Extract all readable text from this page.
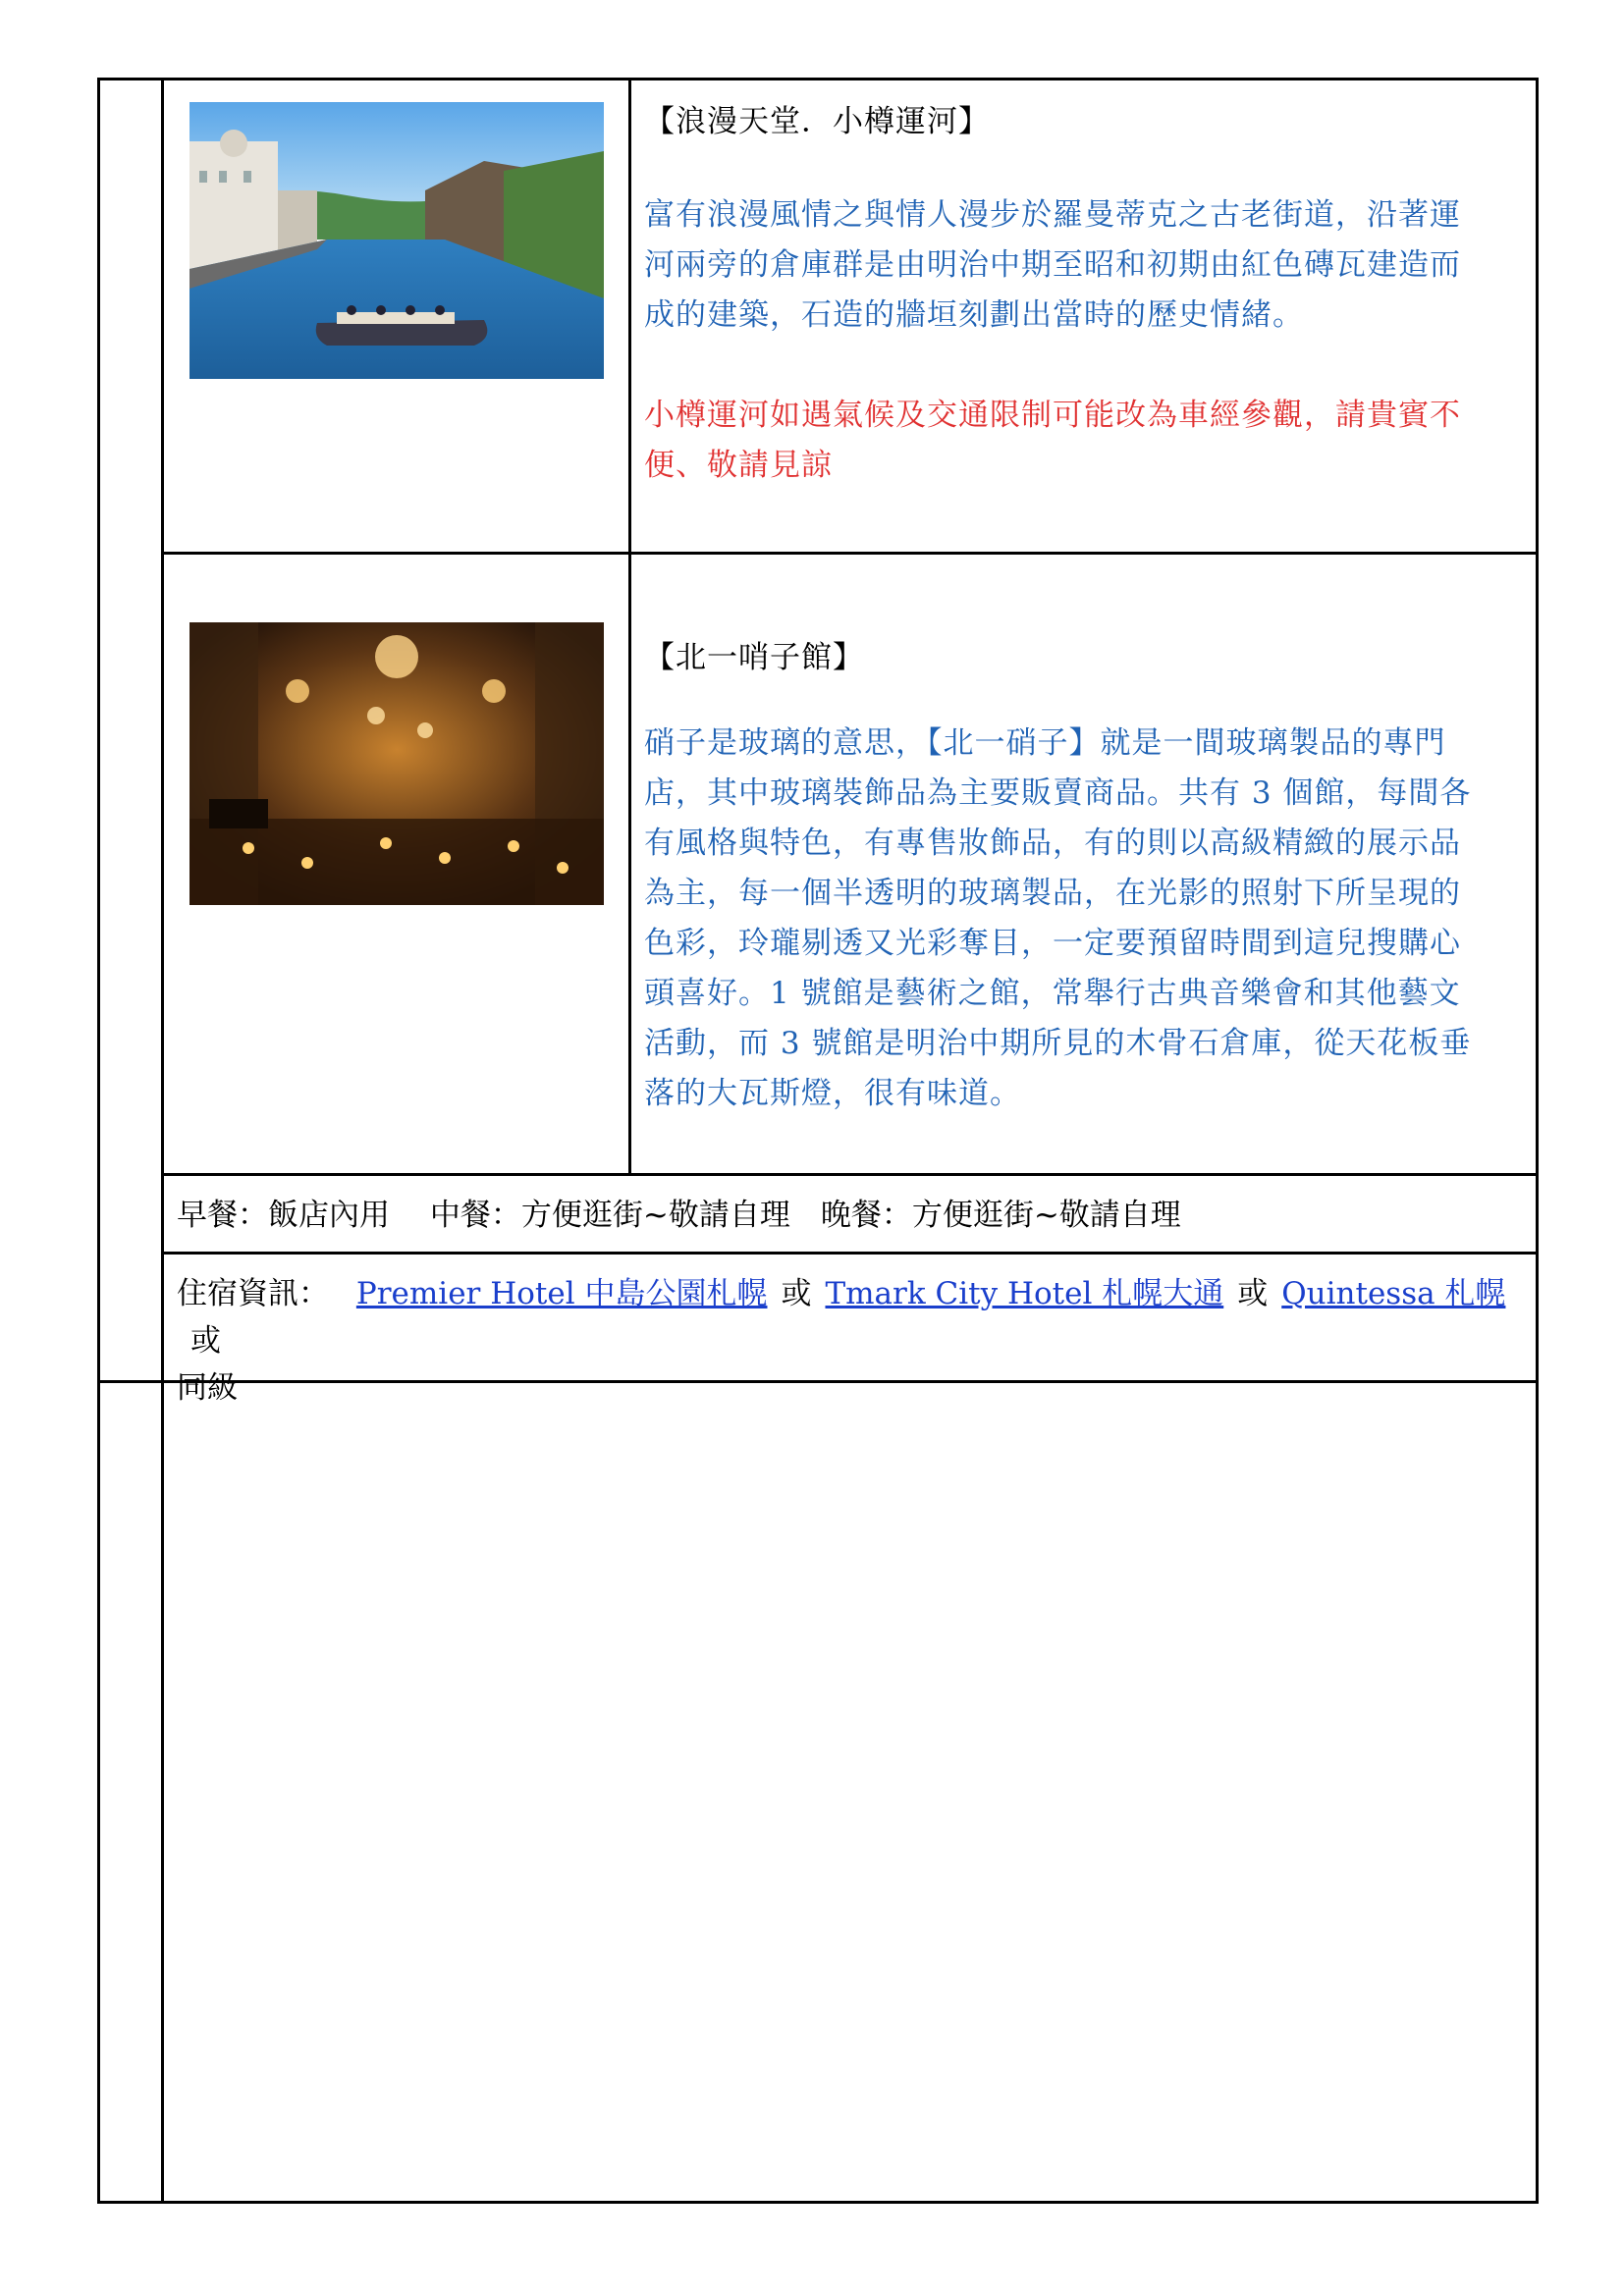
【浪漫天堂．小樽運河】
富有浪漫風情之與情人漫步於羅曼蒂克之古老街道，沿著運
河兩旁的倉庫群是由明治中期至昭和初期由紅色磚瓦建造而
成的建築，石造的牆垣刻劃出當時的歷史情緒。
小樽運河如遇氣候及交通限制可能改為車經參觀，請貴賓不
便、敬請見諒
【北一哨子館】
硝子是玻璃的意思，【北一硝子】就是一間玻璃製品的專門
店，其中玻璃裝飾品為主要販賣商品。共有 3 個館，每間各
有風格與特色，有專售妝飾品，有的則以高級精緻的展示品
為主，每一個半透明的玻璃製品，在光影的照射下所呈現的
色彩，玲瓏剔透又光彩奪目，一定要預留時間到這兒搜購心
頭喜好。1 號館是藝術之館，常舉行古典音樂會和其他藝文
活動，而 3 號館是明治中期所見的木骨石倉庫，從天花板垂
落的大瓦斯燈，很有味道。
早餐：飯店內用　 中餐：方便逛街~敬請自理　晚餐：方便逛街~敬請自理
住宿資訊： Premier Hotel 中島公園札幌 或 Tmark City Hotel 札幌大通 或 Quintessa 札幌或
同級
